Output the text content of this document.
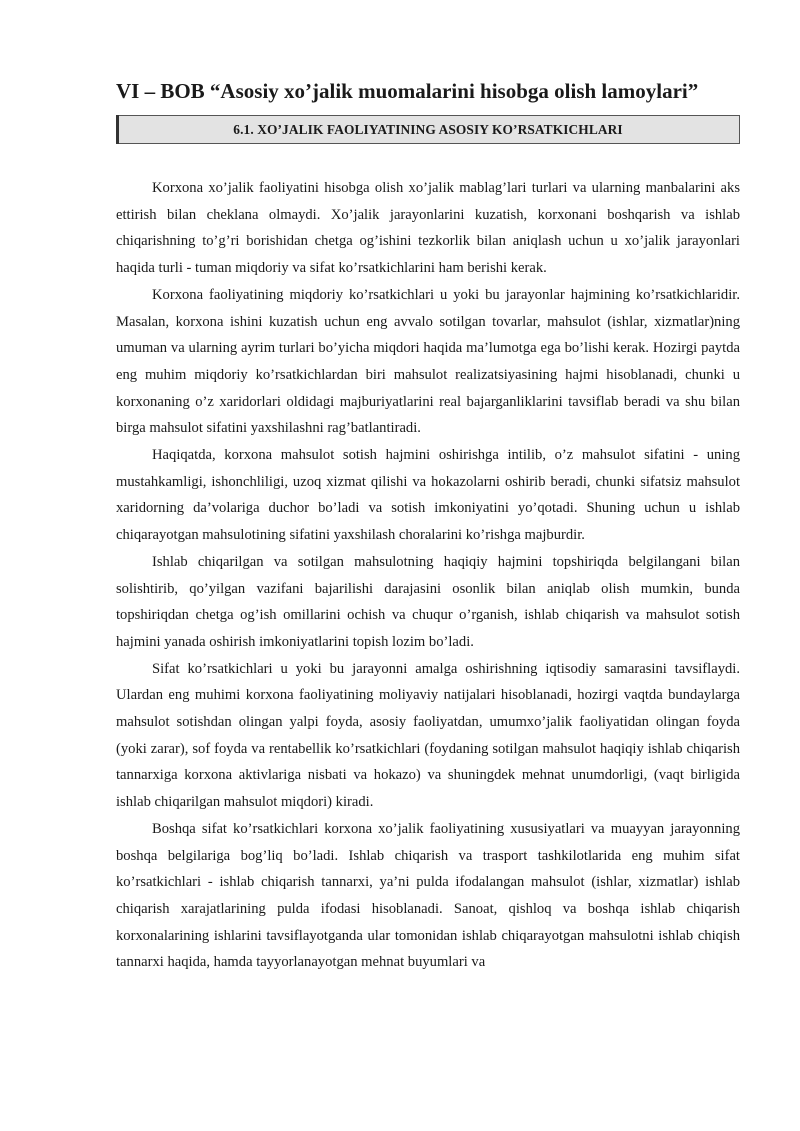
VI – BOB “Asosiy xo’jalik muomalarini hisobga olish lamoylari”
6.1. XO’JALIK FAOLIYATINING ASOSIY KO’RSATKICHLARI

Korxona xo’jalik faoliyatini hisobga olish xo’jalik mablag’lari turlari va ularning manbalarini aks ettirish bilan cheklana olmaydi. Xo’jalik jarayonlarini kuzatish, korxonani boshqarish va ishlab chiqarishning to’g’ri borishidan chetga og’ishini tezkorlik bilan aniqlash uchun u xo’jalik jarayonlari haqida turli - tuman miqdoriy va sifat ko’rsatkichlarini ham berishi kerak.

Korxona faoliyatining miqdoriy ko’rsatkichlari u yoki bu jarayonlar hajmining ko’rsatkichlaridir. Masalan, korxona ishini kuzatish uchun eng avvalo sotilgan tovarlar, mahsulot (ishlar, xizmatlar)ning umuman va ularning ayrim turlari bo’yicha miqdori haqida ma’lumotga ega bo’lishi kerak. Hozirgi paytda eng muhim miqdoriy ko’rsatkichlardan biri mahsulot realizatsiyasining hajmi hisoblanadi, chunki u korxonaning o’z xaridorlari oldidagi majburiyatlarini real bajarganliklarini tavsiflab beradi va shu bilan birga mahsulot sifatini yaxshilashni rag’batlantiradi.

Haqiqatda, korxona mahsulot sotish hajmini oshirishga intilib, o’z mahsulot sifatini - uning mustahkamligi, ishonchliligi, uzoq xizmat qilishi va hokazolarni oshirib beradi, chunki sifatsiz mahsulot xaridorning da’volariga duchor bo’ladi va sotish imkoniyatini yo’qotadi. Shuning uchun u ishlab chiqarayotgan mahsulotining sifatini yaxshilash choralarini ko’rishga majburdir.

Ishlab chiqarilgan va sotilgan mahsulotning haqiqiy hajmini topshiriqda belgilangani bilan solishtirib, qo’yilgan vazifani bajarilishi darajasini osonlik bilan aniqlab olish mumkin, bunda topshiriqdan chetga og’ish omillarini ochish va chuqur o’rganish, ishlab chiqarish va mahsulot sotish hajmini yanada oshirish imkoniyatlarini topish lozim bo’ladi.

Sifat ko’rsatkichlari u yoki bu jarayonni amalga oshirishning iqtisodiy samarasini tavsiflaydi. Ulardan eng muhimi korxona faoliyatining moliyaviy natijalari hisoblanadi, hozirgi vaqtda bundaylarga mahsulot sotishdan olingan yalpi foyda, asosiy faoliyatdan, umumxo’jalik faoliyatidan olingan foyda (yoki zarar), sof foyda va rentabellik ko’rsatkichlari (foydaning sotilgan mahsulot haqiqiy ishlab chiqarish tannarxiga korxona aktivlariga nisbati va hokazo) va shuningdek mehnat unumdorligi, (vaqt birligida ishlab chiqarilgan mahsulot miqdori) kiradi.

Boshqa sifat ko’rsatkichlari korxona xo’jalik faoliyatining xususiyatlari va muayyan jarayonning boshqa belgilariga bog’liq bo’ladi. Ishlab chiqarish va trasport tashkilotlarida eng muhim sifat ko’rsatkichlari - ishlab chiqarish tannarxi, ya’ni pulda ifodalangan mahsulot (ishlar, xizmatlar) ishlab chiqarish xarajatlarining pulda ifodasi hisoblanadi. Sanoat, qishloq va boshqa ishlab chiqarish korxonalarining ishlarini tavsiflayotganda ular tomonidan ishlab chiqarayotgan mahsulotni ishlab chiqish tannarxi haqida, hamda tayyorlanayotgan mehnat buyumlari va
